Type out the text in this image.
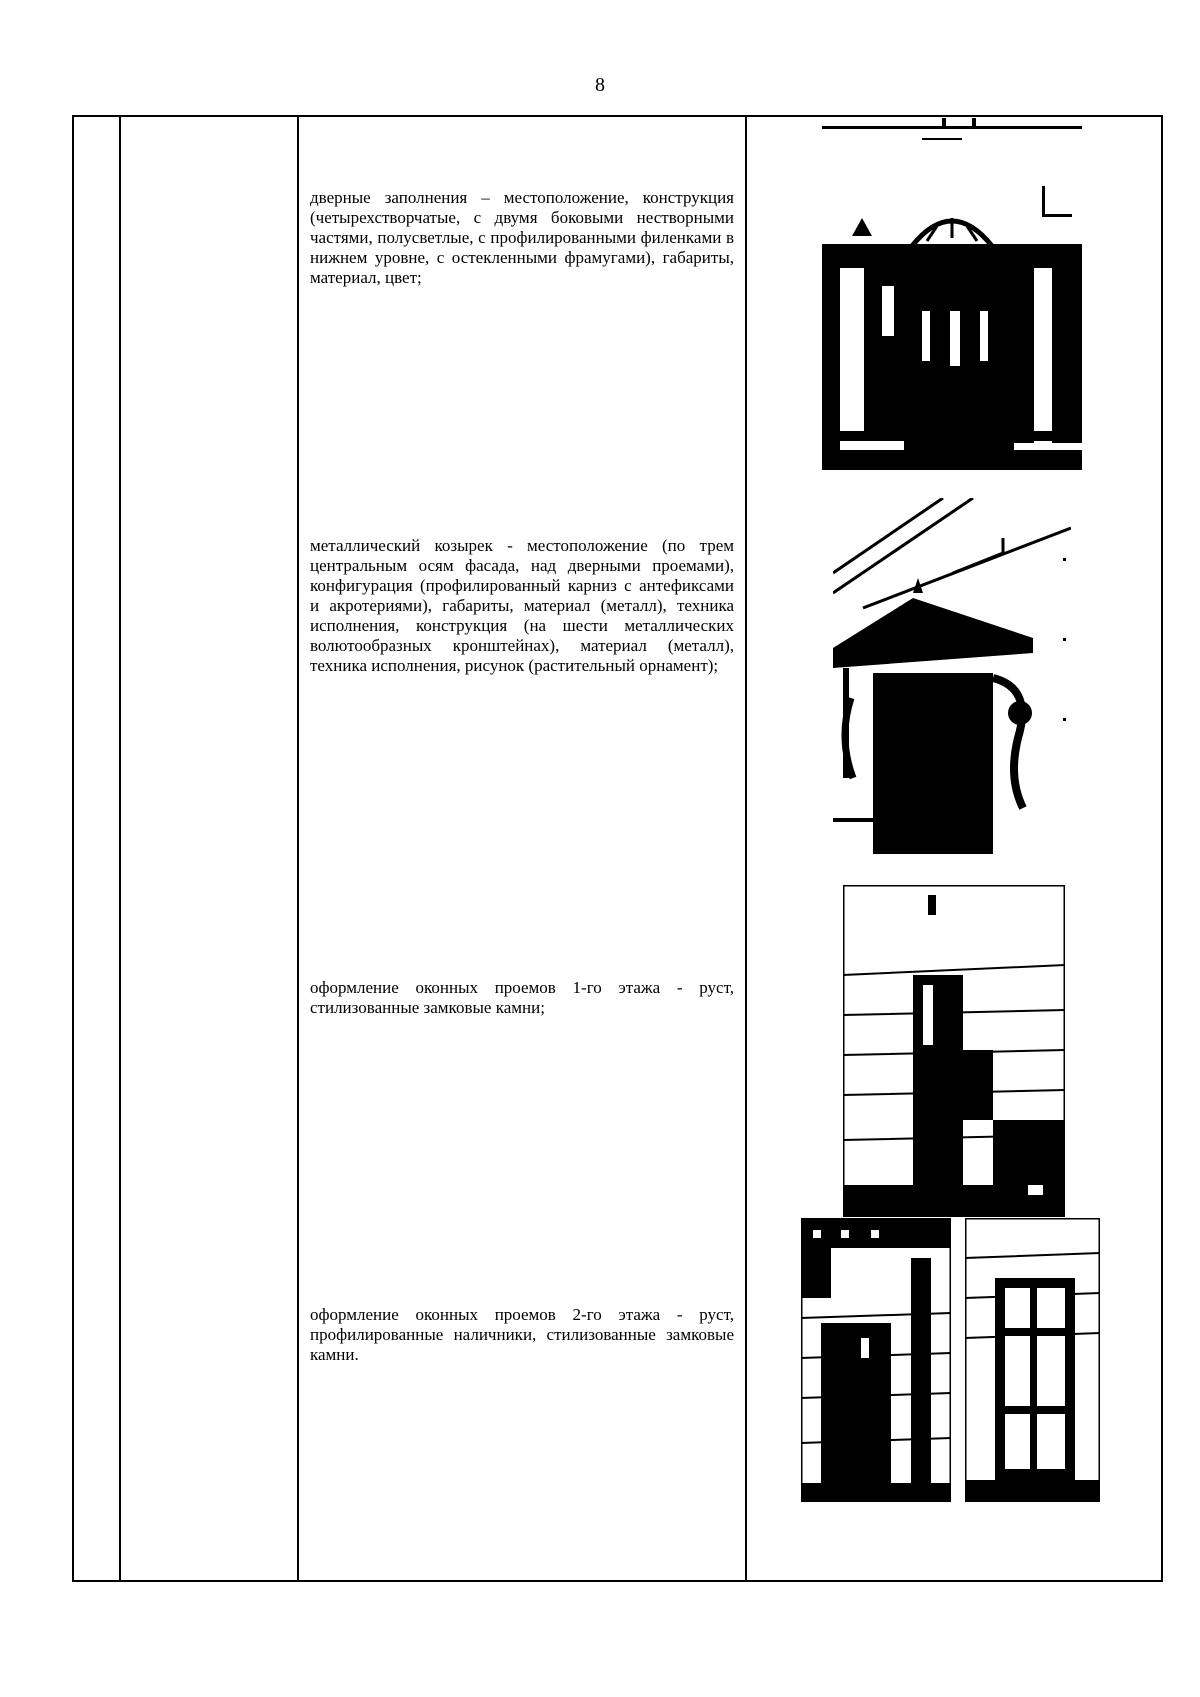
8

дверные заполнения – местоположение, конструкция (четырехстворчатые, с двумя боковыми нестворными частями, полусветлые, с профилированными филенками в нижнем уровне, с остекленными фрамугами), габариты, материал, цвет;

металлический козырек - местоположение (по трем центральным осям фасада, над дверными проемами), конфигурация (профилированный карниз с антефиксами и акротериями), габариты, материал (металл), техника исполнения, конструкция (на шести металлических волютообразных кронштейнах), материал (металл), техника исполнения, рисунок (растительный орнамент);

оформление оконных проемов 1-го этажа - руст, стилизованные замковые камни;

оформление оконных проемов 2-го этажа - руст, профилированные наличники, стилизованные замковые камни.
